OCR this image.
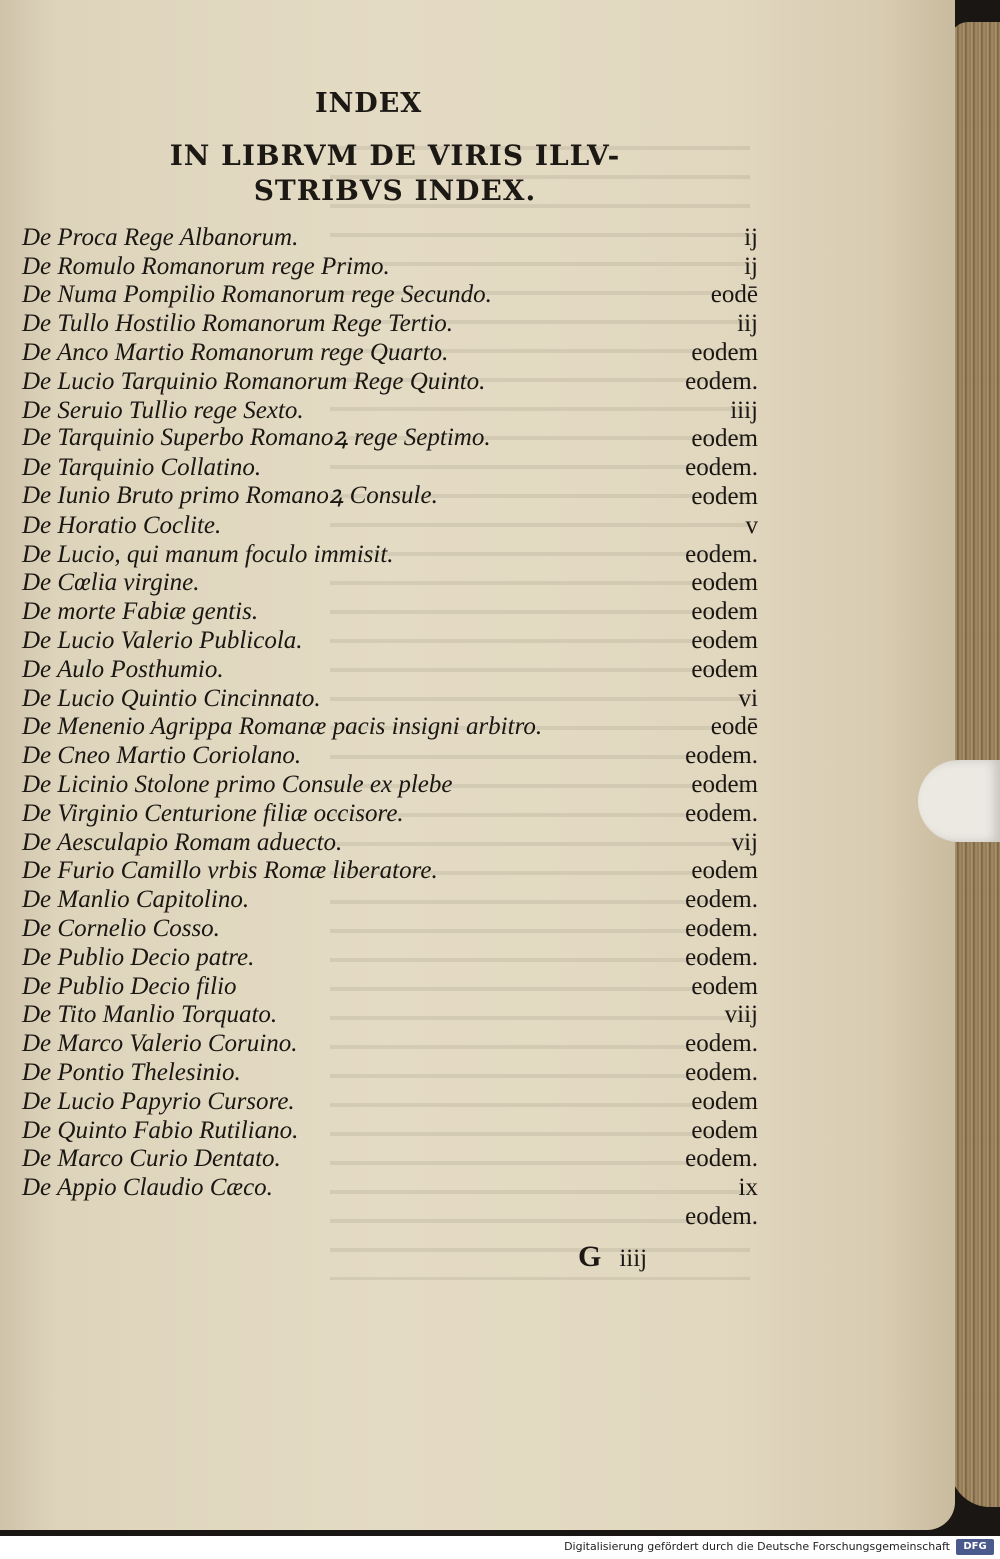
INDEX
IN LIBRVM DE VIRIS ILLV-
STRIBVS INDEX.
De Proca Rege Albanorum.	ij
De Romulo Romanorum rege Primo.	ij
De Numa Pompilio Romanorum rege Secundo.	eodē
De Tullo Hostilio Romanorum Rege Tertio.	iij
De Anco Martio Romanorum rege Quarto.	eodem
De Lucio Tarquinio Romanorum Rege Quinto.	eodem.
De Seruio Tullio rege Sexto.	iiij
De Tarquinio Superbo Romanoꝝ rege Septimo.	eodem
De Tarquinio Collatino.	eodem.
De Iunio Bruto primo Romanoꝝ Consule.	eodem
De Horatio Coclite.	v
De Lucio, qui manum foculo immisit.	eodem.
De Cœlia virgine.	eodem
De morte Fabiæ gentis.	eodem
De Lucio Valerio Publicola.	eodem
De Aulo Posthumio.	eodem
De Lucio Quintio Cincinnato.	vi
De Menenio Agrippa Romanæ pacis insigni arbitro.	eodē
De Cneo Martio Coriolano.	eodem.
De Licinio Stolone primo Consule ex plebe	eodem
De Virginio Centurione filiæ occisore.	eodem.
De Aesculapio Romam aduecto.	vij
De Furio Camillo vrbis Romæ liberatore.	eodem
De Manlio Capitolino.	eodem.
De Cornelio Cosso.	eodem.
De Publio Decio patre.	eodem.
De Publio Decio filio	eodem
De Tito Manlio Torquato.	viij
De Marco Valerio Coruino.	eodem.
De Pontio Thelesinio.	eodem.
De Lucio Papyrio Cursore.	eodem
De Quinto Fabio Rutiliano.	eodem
De Marco Curio Dentato.	eodem.
De Appio Claudio Cæco.	ix
eodem.
G iiij
Digitalisierung gefördert durch die Deutsche Forschungsgemeinschaft	DFG
